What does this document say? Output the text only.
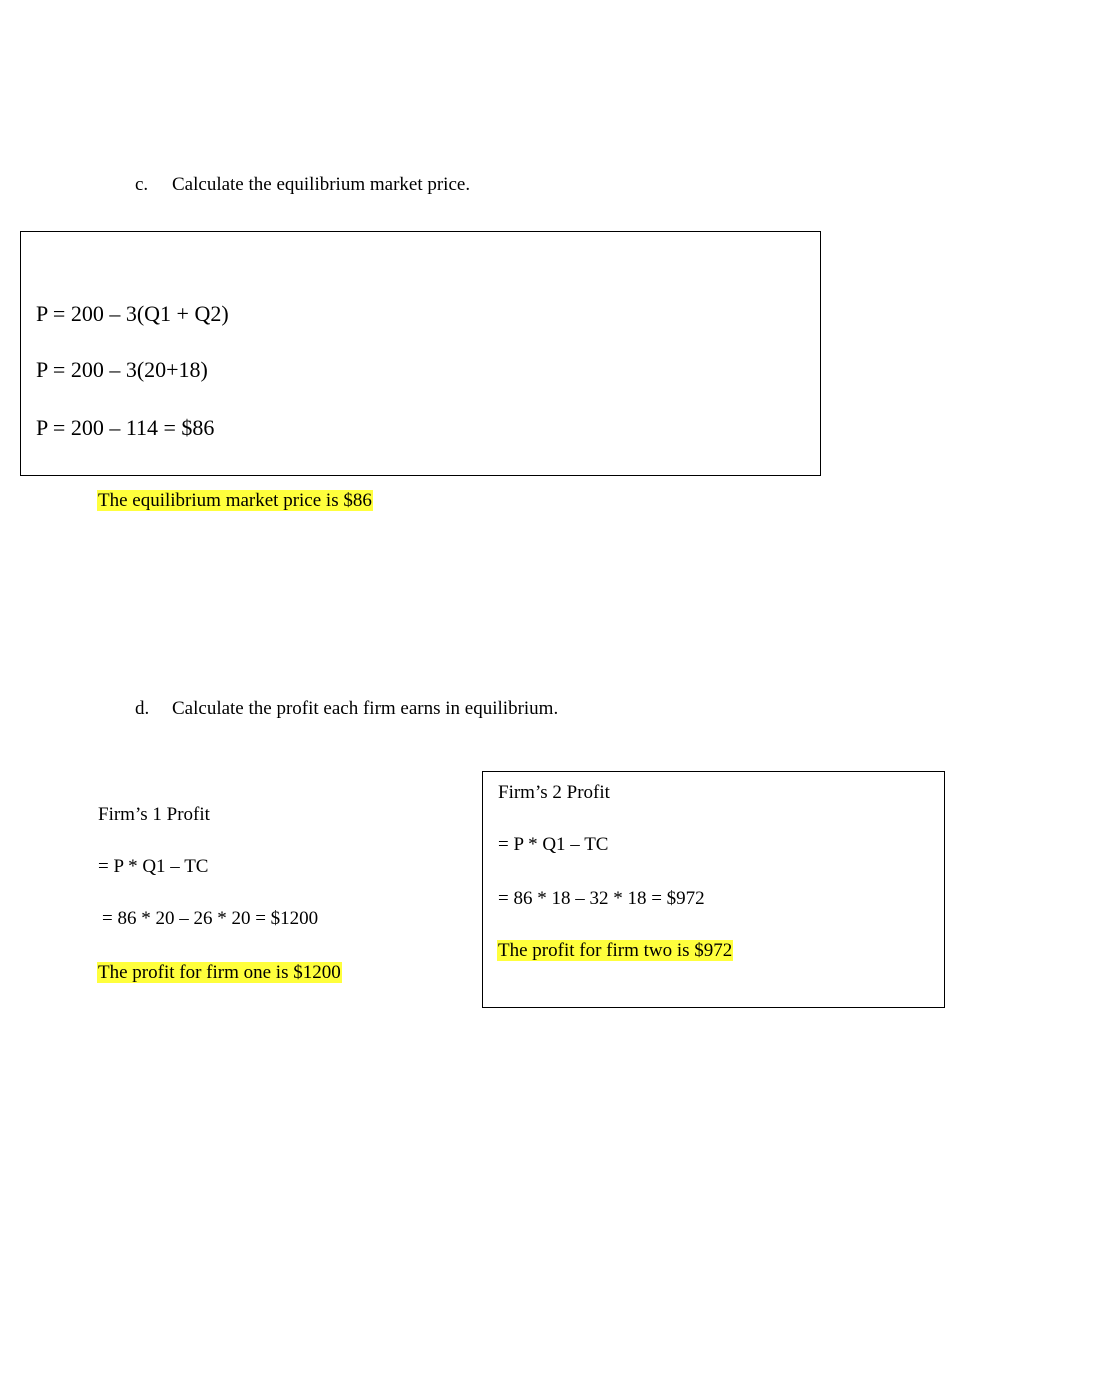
c. Calculate the equilibrium market price.
P = 200 – 3(Q1 + Q2)
P = 200 – 3(20+18)
P = 200 – 114 = $86
The equilibrium market price is $86
d. Calculate the profit each firm earns in equilibrium.
Firm’s 1 Profit
= P * Q1 – TC
= 86 * 20 – 26 * 20 = $1200
The profit for firm one is $1200
Firm’s 2 Profit
= P * Q1 – TC
= 86 * 18 – 32 * 18 = $972
The profit for firm two is $972
